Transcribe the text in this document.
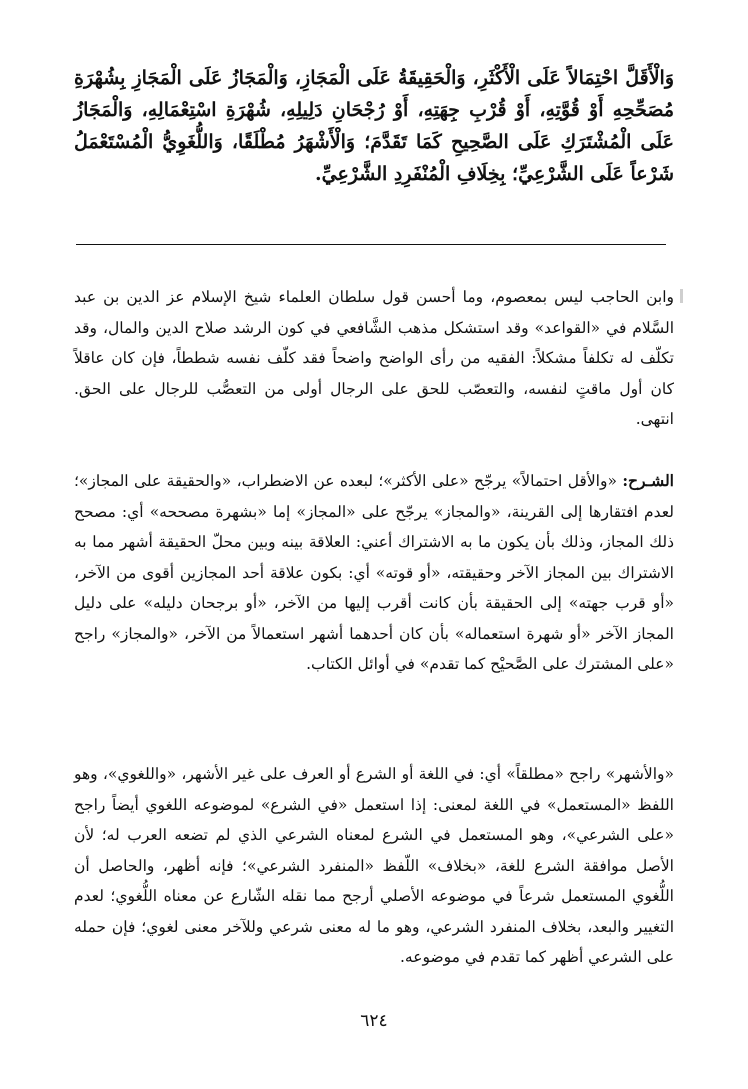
وَالْأَقَلَّ احْتِمَالاً عَلَى الْأَكْثَرِ، وَالْحَقِيقَةُ عَلَى الْمَجَازِ، وَالْمَجَازُ عَلَى الْمَجَازِ بِشُهْرَةِ مُصَحِّحِهِ أَوْ قُوَّتِهِ، أَوْ قُرْبِ جِهَتِهِ، أَوْ رُجْحَانِ دَلِيلِهِ، شُهْرَةِ اسْتِعْمَالِهِ، وَالْمَجَازُ عَلَى الْمُشْتَرَكِ عَلَى الصَّحِيحِ كَمَا تَقَدَّمَ؛ وَالْأَشْهَرُ مُطْلَقًا، وَاللُّغَوِيُّ الْمُسْتَعْمَلُ شَرْعاً عَلَى الشَّرْعِيِّ؛ بِخِلَافِ الْمُنْفَرِدِ الشَّرْعِيِّ.

وابن الحاجب ليس بمعصوم، وما أحسن قول سلطان العلماء شيخ الإسلام عز الدين بن عبد السَّلام في «القواعد» وقد استشكل مذهب الشَّافعي في كون الرشد صلاح الدين والمال، وقد تكلّف له تكلفاً مشكلاً: الفقيه من رأى الواضح واضحاً فقد كلّف نفسه شططاً، فإن كان عاقلاً كان أول ماقتٍ لنفسه، والتعصّب للحق على الرجال أولى من التعصُّب للرجال على الحق. انتهى.

الشـرح: «والأقل احتمالاً» يرجّح «على الأكثر»؛ لبعده عن الاضطراب، «والحقيقة على المجاز»؛ لعدم افتقارها إلى القرينة، «والمجاز» يرجّح على «المجاز» إما «بشهرة مصححه» أي: مصحح ذلك المجاز، وذلك بأن يكون ما به الاشتراك أعني: العلاقة بينه وبين محلّ الحقيقة أشهر مما به الاشتراك بين المجاز الآخر وحقيقته، «أو قوته» أي: بكون علاقة أحد المجازين أقوى من الآخر، «أو قرب جهته» إلى الحقيقة بأن كانت أقرب إليها من الآخر، «أو برجحان دليله» على دليل المجاز الآخر «أو شهرة استعماله» بأن كان أحدهما أشهر استعمالاً من الآخر، «والمجاز» راجح «على المشترك على الصَّحيْح كما تقدم» في أوائل الكتاب.

«والأشهر» راجح «مطلقاً» أي: في اللغة أو الشرع أو العرف على غير الأشهر، «واللغوي»، وهو اللفظ «المستعمل» في اللغة لمعنى: إذا استعمل «في الشرع» لموضوعه اللغوي أيضاً راجح «على الشرعي»، وهو المستعمل في الشرع لمعناه الشرعي الذي لم تضعه العرب له؛ لأن الأصل موافقة الشرع للغة، «بخلاف» اللّفظ «المنفرد الشرعي»؛ فإنه أظهر، والحاصل أن اللُّغوي المستعمل شرعاً في موضوعه الأصلي أرجح مما نقله الشّارع عن معناه اللُّغوي؛ لعدم التغيير والبعد، بخلاف المنفرد الشرعي، وهو ما له معنى شرعي وللآخر معنى لغوي؛ فإن حمله على الشرعي أظهر كما تقدم في موضوعه.

٦٢٤
